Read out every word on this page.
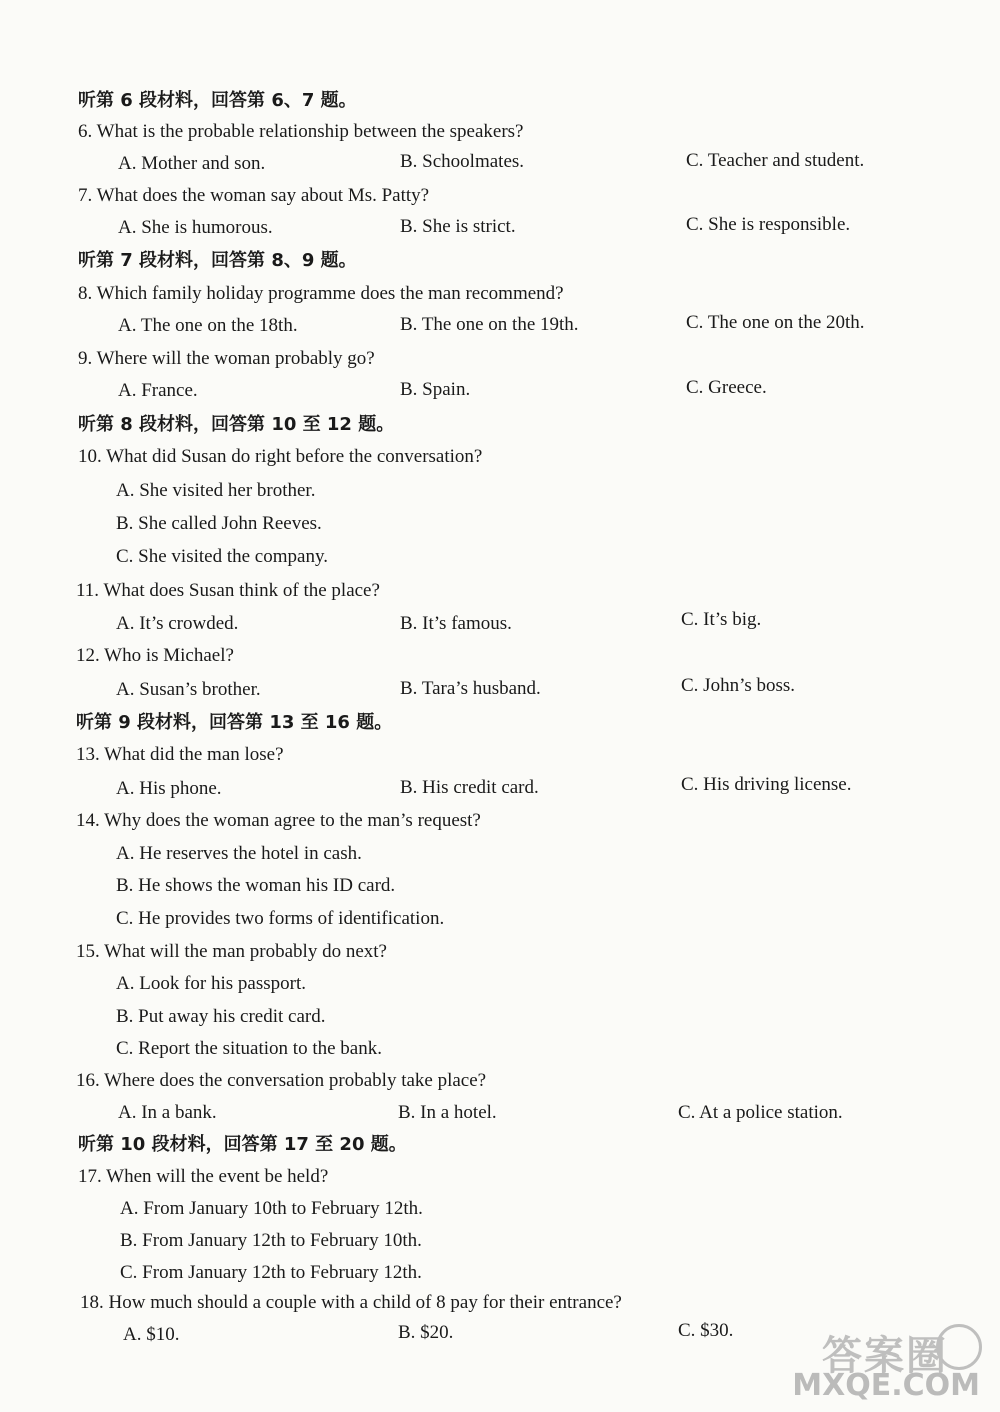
听第 6 段材料，回答第 6、7 题。
6. What is the probable relationship between the speakers?
A. Mother and son.	B. Schoolmates.	C. Teacher and student.
7. What does the woman say about Ms. Patty?
A. She is humorous.	B. She is strict.	C. She is responsible.
听第 7 段材料，回答第 8、9 题。
8. Which family holiday programme does the man recommend?
A. The one on the 18th.	B. The one on the 19th.	C. The one on the 20th.
9. Where will the woman probably go?
A. France.	B. Spain.	C. Greece.
听第 8 段材料，回答第 10 至 12 题。
10. What did Susan do right before the conversation?
A. She visited her brother.
B. She called John Reeves.
C. She visited the company.
11. What does Susan think of the place?
A. It’s crowded.	B. It’s famous.	C. It’s big.
12. Who is Michael?
A. Susan’s brother.	B. Tara’s husband.	C. John’s boss.
听第 9 段材料，回答第 13 至 16 题。
13. What did the man lose?
A. His phone.	B. His credit card.	C. His driving license.
14. Why does the woman agree to the man’s request?
A. He reserves the hotel in cash.
B. He shows the woman his ID card.
C. He provides two forms of identification.
15. What will the man probably do next?
A. Look for his passport.
B. Put away his credit card.
C. Report the situation to the bank.
16. Where does the conversation probably take place?
A. In a bank.	B. In a hotel.	C. At a police station.
听第 10 段材料，回答第 17 至 20 题。
17. When will the event be held?
A. From January 10th to February 12th.
B. From January 12th to February 10th.
C. From January 12th to February 12th.
18. How much should a couple with a child of 8 pay for their entrance?
A. $10.	B. $20.	C. $30.
答案圈
MXQE.COM
